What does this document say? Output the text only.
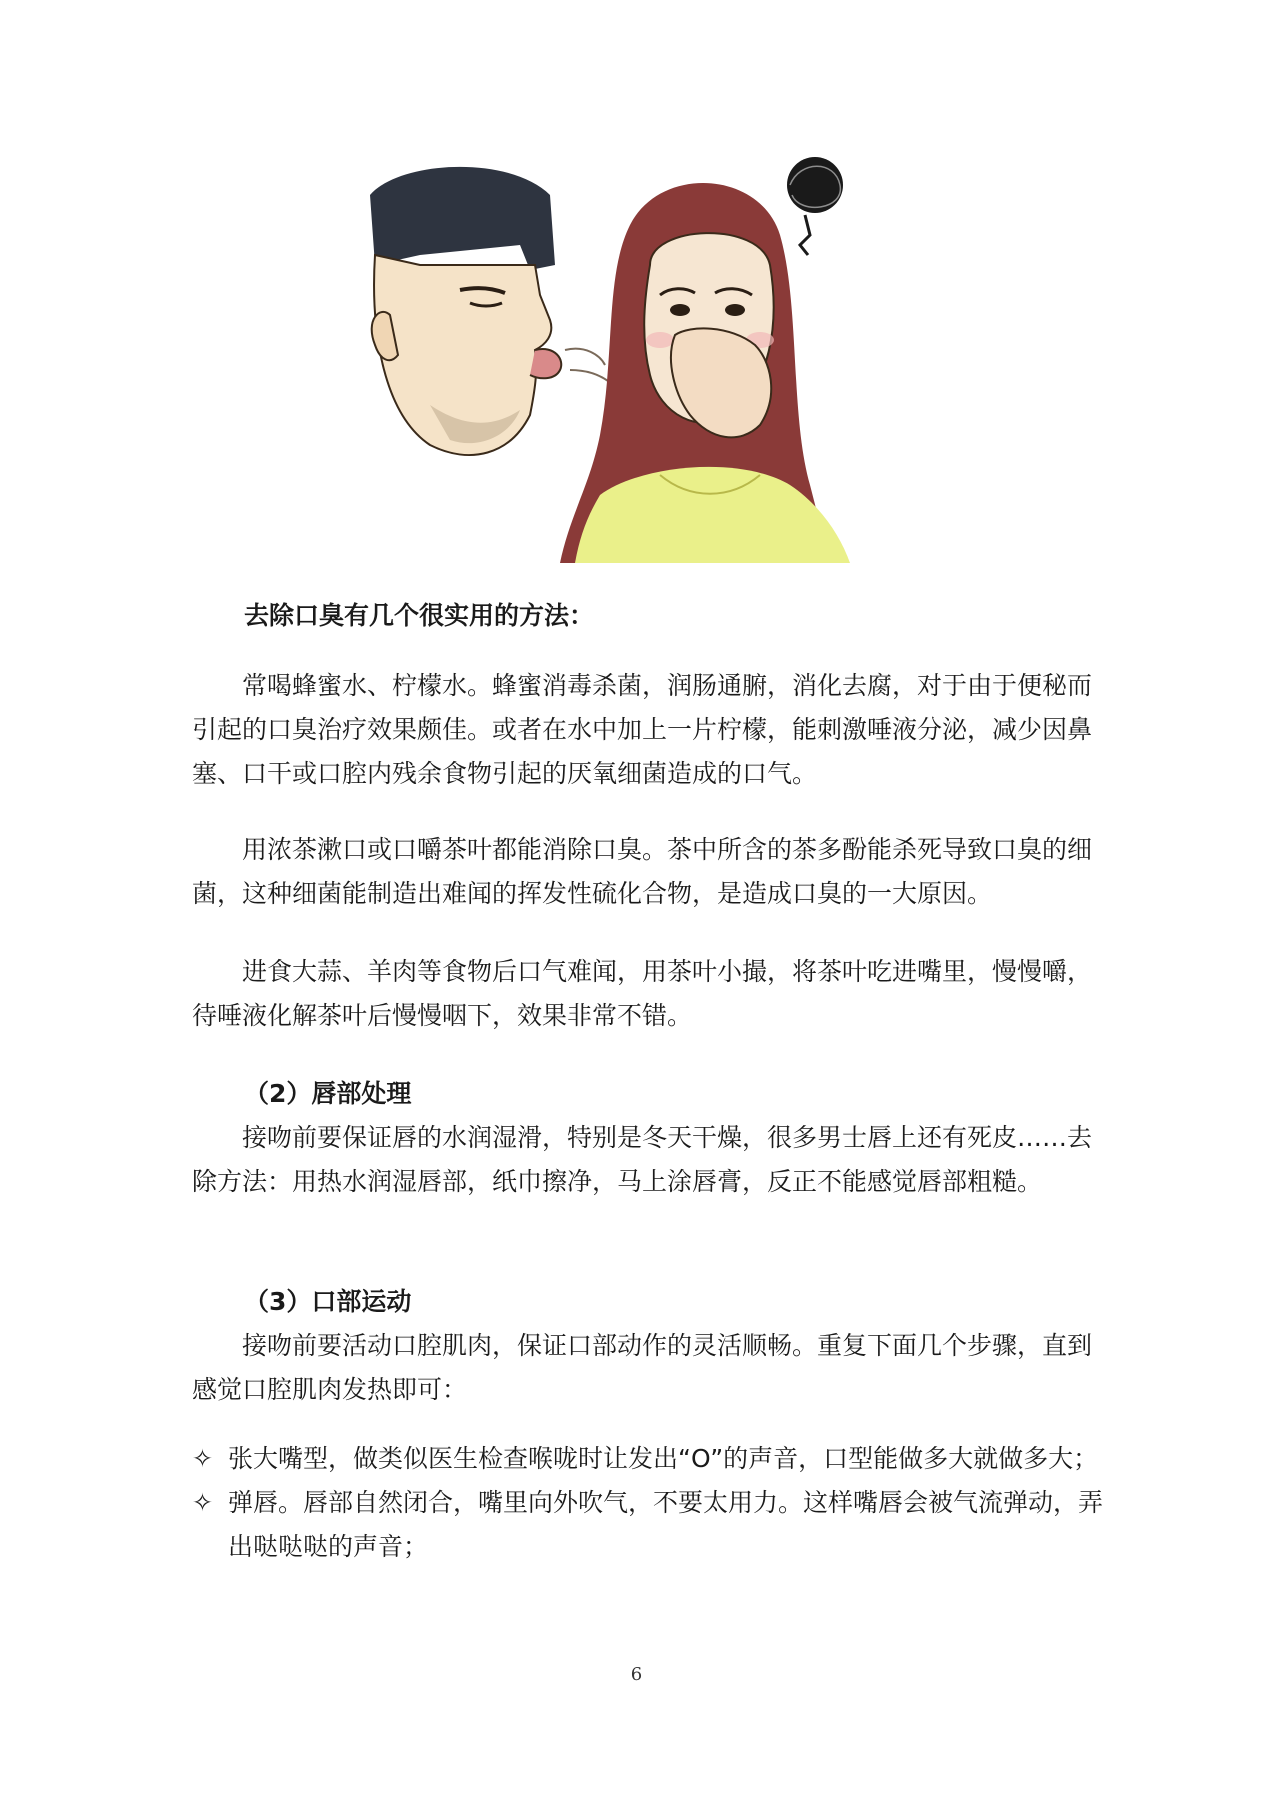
去除口臭有几个很实用的方法：
常喝蜂蜜水、柠檬水。蜂蜜消毒杀菌，润肠通腑，消化去腐，对于由于便秘而引起的口臭治疗效果颇佳。或者在水中加上一片柠檬，能刺激唾液分泌，减少因鼻塞、口干或口腔内残余食物引起的厌氧细菌造成的口气。
用浓茶漱口或口嚼茶叶都能消除口臭。茶中所含的茶多酚能杀死导致口臭的细菌，这种细菌能制造出难闻的挥发性硫化合物，是造成口臭的一大原因。
进食大蒜、羊肉等食物后口气难闻，用茶叶小撮，将茶叶吃进嘴里，慢慢嚼，待唾液化解茶叶后慢慢咽下，效果非常不错。
（2）唇部处理
接吻前要保证唇的水润湿滑，特别是冬天干燥，很多男士唇上还有死皮……去除方法：用热水润湿唇部，纸巾擦净，马上涂唇膏，反正不能感觉唇部粗糙。
（3）口部运动
接吻前要活动口腔肌肉，保证口部动作的灵活顺畅。重复下面几个步骤，直到感觉口腔肌肉发热即可：
✧ 张大嘴型，做类似医生检查喉咙时让发出“O”的声音，口型能做多大就做多大；
✧ 弹唇。唇部自然闭合，嘴里向外吹气，不要太用力。这样嘴唇会被气流弹动，弄出哒哒哒的声音；
6
